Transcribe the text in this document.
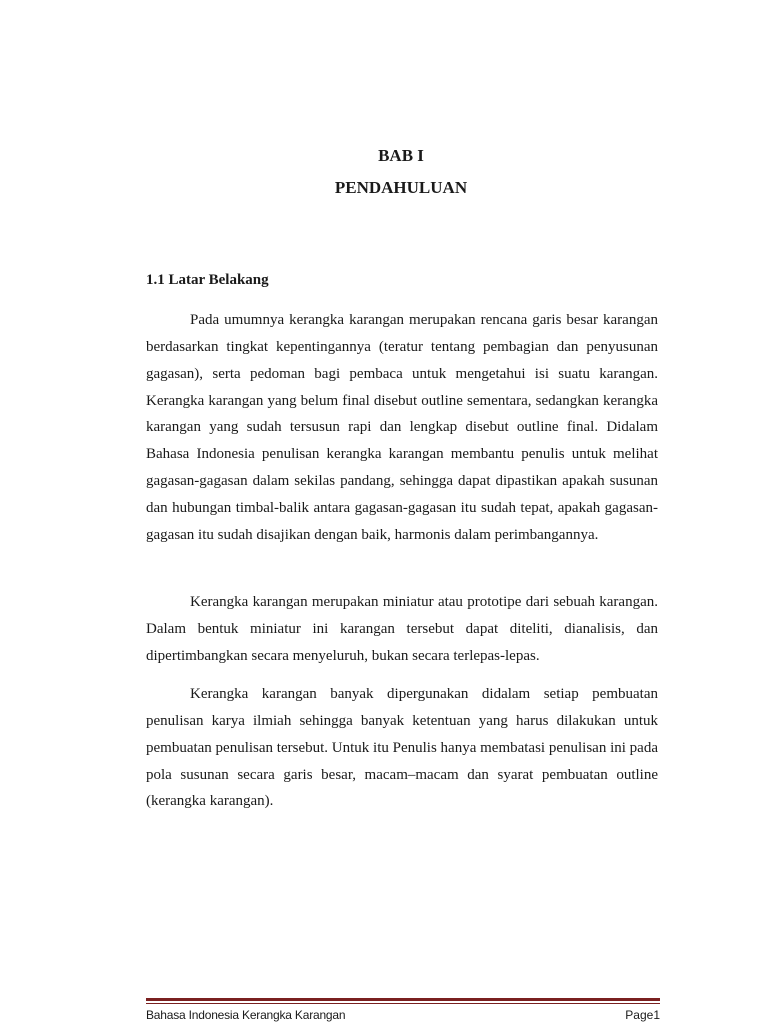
BAB I
PENDAHULUAN
1.1 Latar Belakang

Pada umumnya kerangka karangan merupakan rencana garis besar karangan berdasarkan tingkat kepentingannya (teratur tentang pembagian dan penyusunan gagasan), serta pedoman bagi pembaca untuk mengetahui isi suatu karangan. Kerangka karangan yang belum final disebut outline sementara, sedangkan kerangka karangan yang sudah tersusun rapi dan lengkap disebut outline final. Didalam Bahasa Indonesia penulisan kerangka karangan membantu penulis untuk melihat gagasan-gagasan dalam sekilas pandang, sehingga dapat dipastikan apakah susunan dan hubungan timbal-balik antara gagasan-gagasan itu sudah tepat, apakah gagasan-gagasan itu sudah disajikan dengan baik, harmonis dalam perimbangannya.

Kerangka karangan merupakan miniatur atau prototipe dari sebuah karangan. Dalam bentuk miniatur ini karangan tersebut dapat diteliti, dianalisis, dan dipertimbangkan secara menyeluruh, bukan secara terlepas-lepas.

Kerangka karangan banyak dipergunakan didalam setiap pembuatan penulisan karya ilmiah sehingga banyak ketentuan yang harus dilakukan untuk pembuatan penulisan tersebut. Untuk itu Penulis hanya membatasi penulisan ini pada pola susunan secara garis besar, macam–macam dan syarat pembuatan outline (kerangka karangan).

Bahasa Indonesia Kerangka Karangan	Page1
